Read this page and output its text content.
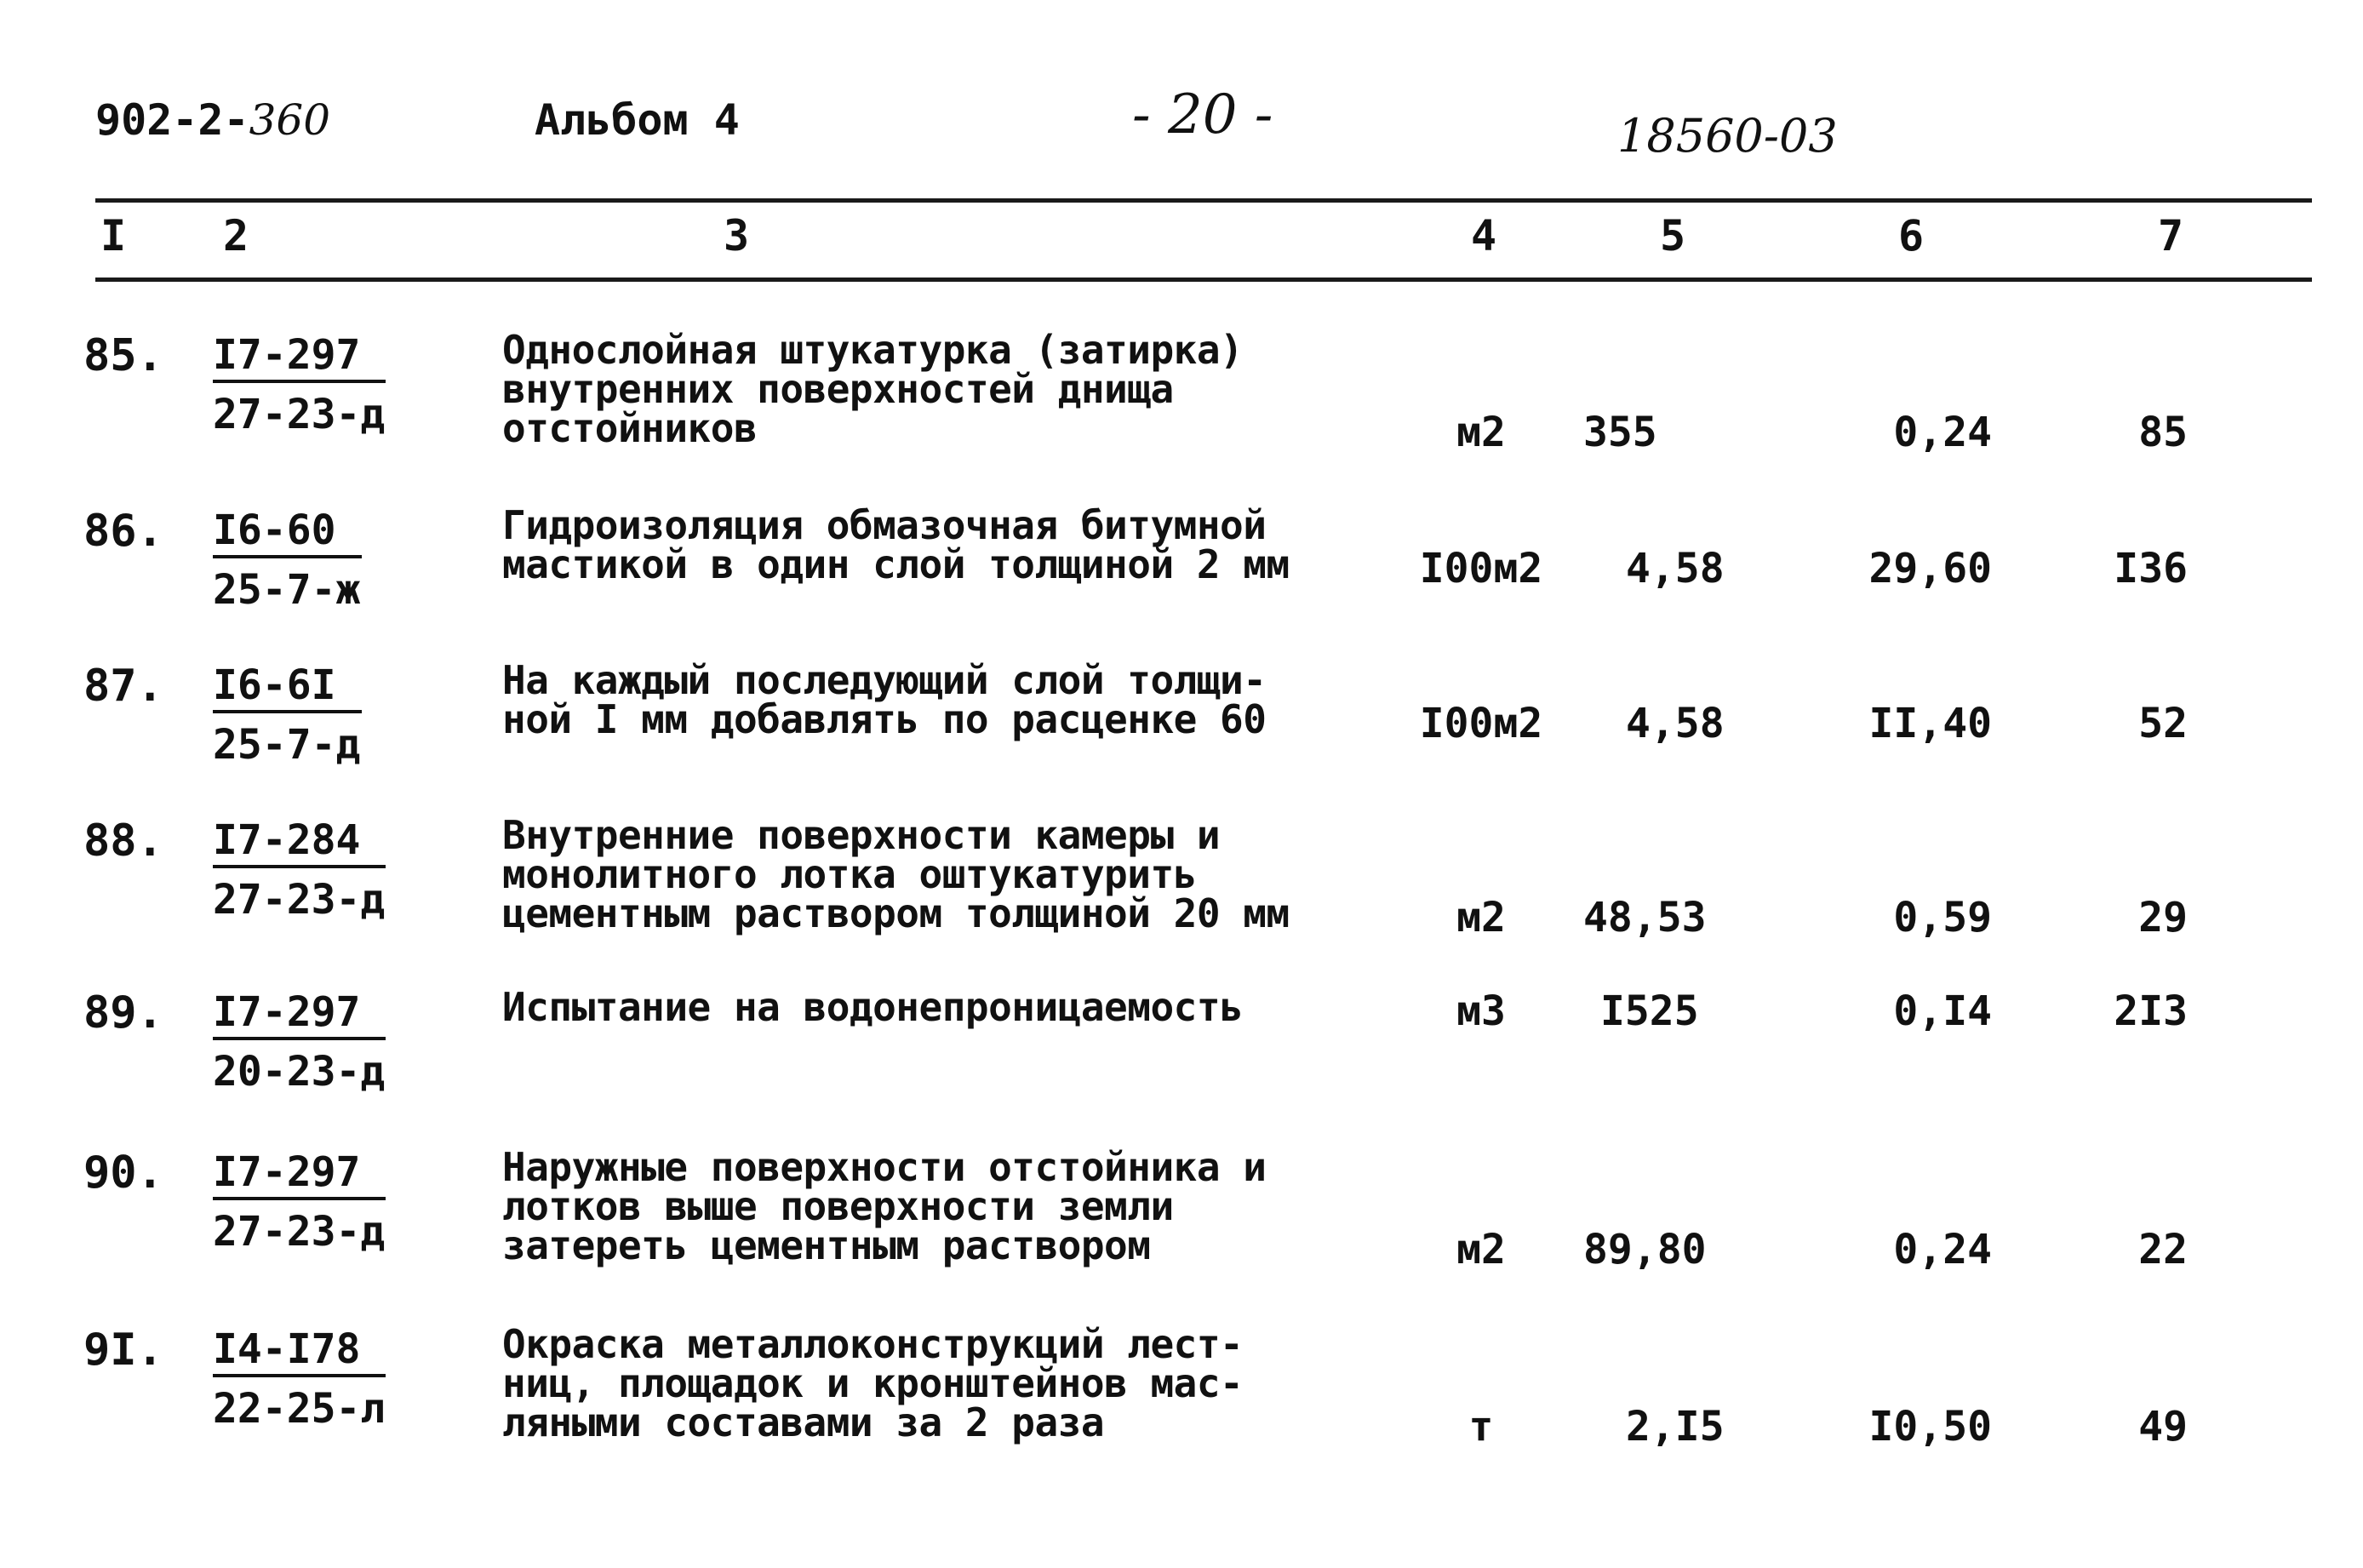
902-2-360	Альбом 4	- 20 -	18560-03
I 2	3	4	5	6	7
85. I7-297
27-23-д
Однослойная штукатурка (затирка)
внутренних поверхностей днища
отстойников	м2	355	0,24	85
86. I6-60
25-7-ж
Гидроизоляция обмазочная битумной
мастикой в один слой толщиной 2 мм	I00м2 4,58	29,60	I36
87. I6-6I
25-7-д
На каждый последующий слой толщи-
ной I мм добавлять по расценке 60	I00м2 4,58	II,40	52
88. I7-284
27-23-д
Внутренние поверхности камеры и
монолитного лотка оштукатурить
цементным раствором толщиной 20 мм	м2	48,53	0,59	29
89. I7-297
20-23-д
Испытание на водонепроницаемость	м3	I525	0,I4	2I3
90. I7-297
27-23-д
Наружные поверхности отстойника и
лотков выше поверхности земли
затереть цементным раствором	м2	89,80	0,24	22
9I. I4-I78
22-25-л
Окраска металлоконструкций лест-
ниц, площадок и кронштейнов мас-
ляными составами за 2 раза	т	2,I5	I0,50	49
